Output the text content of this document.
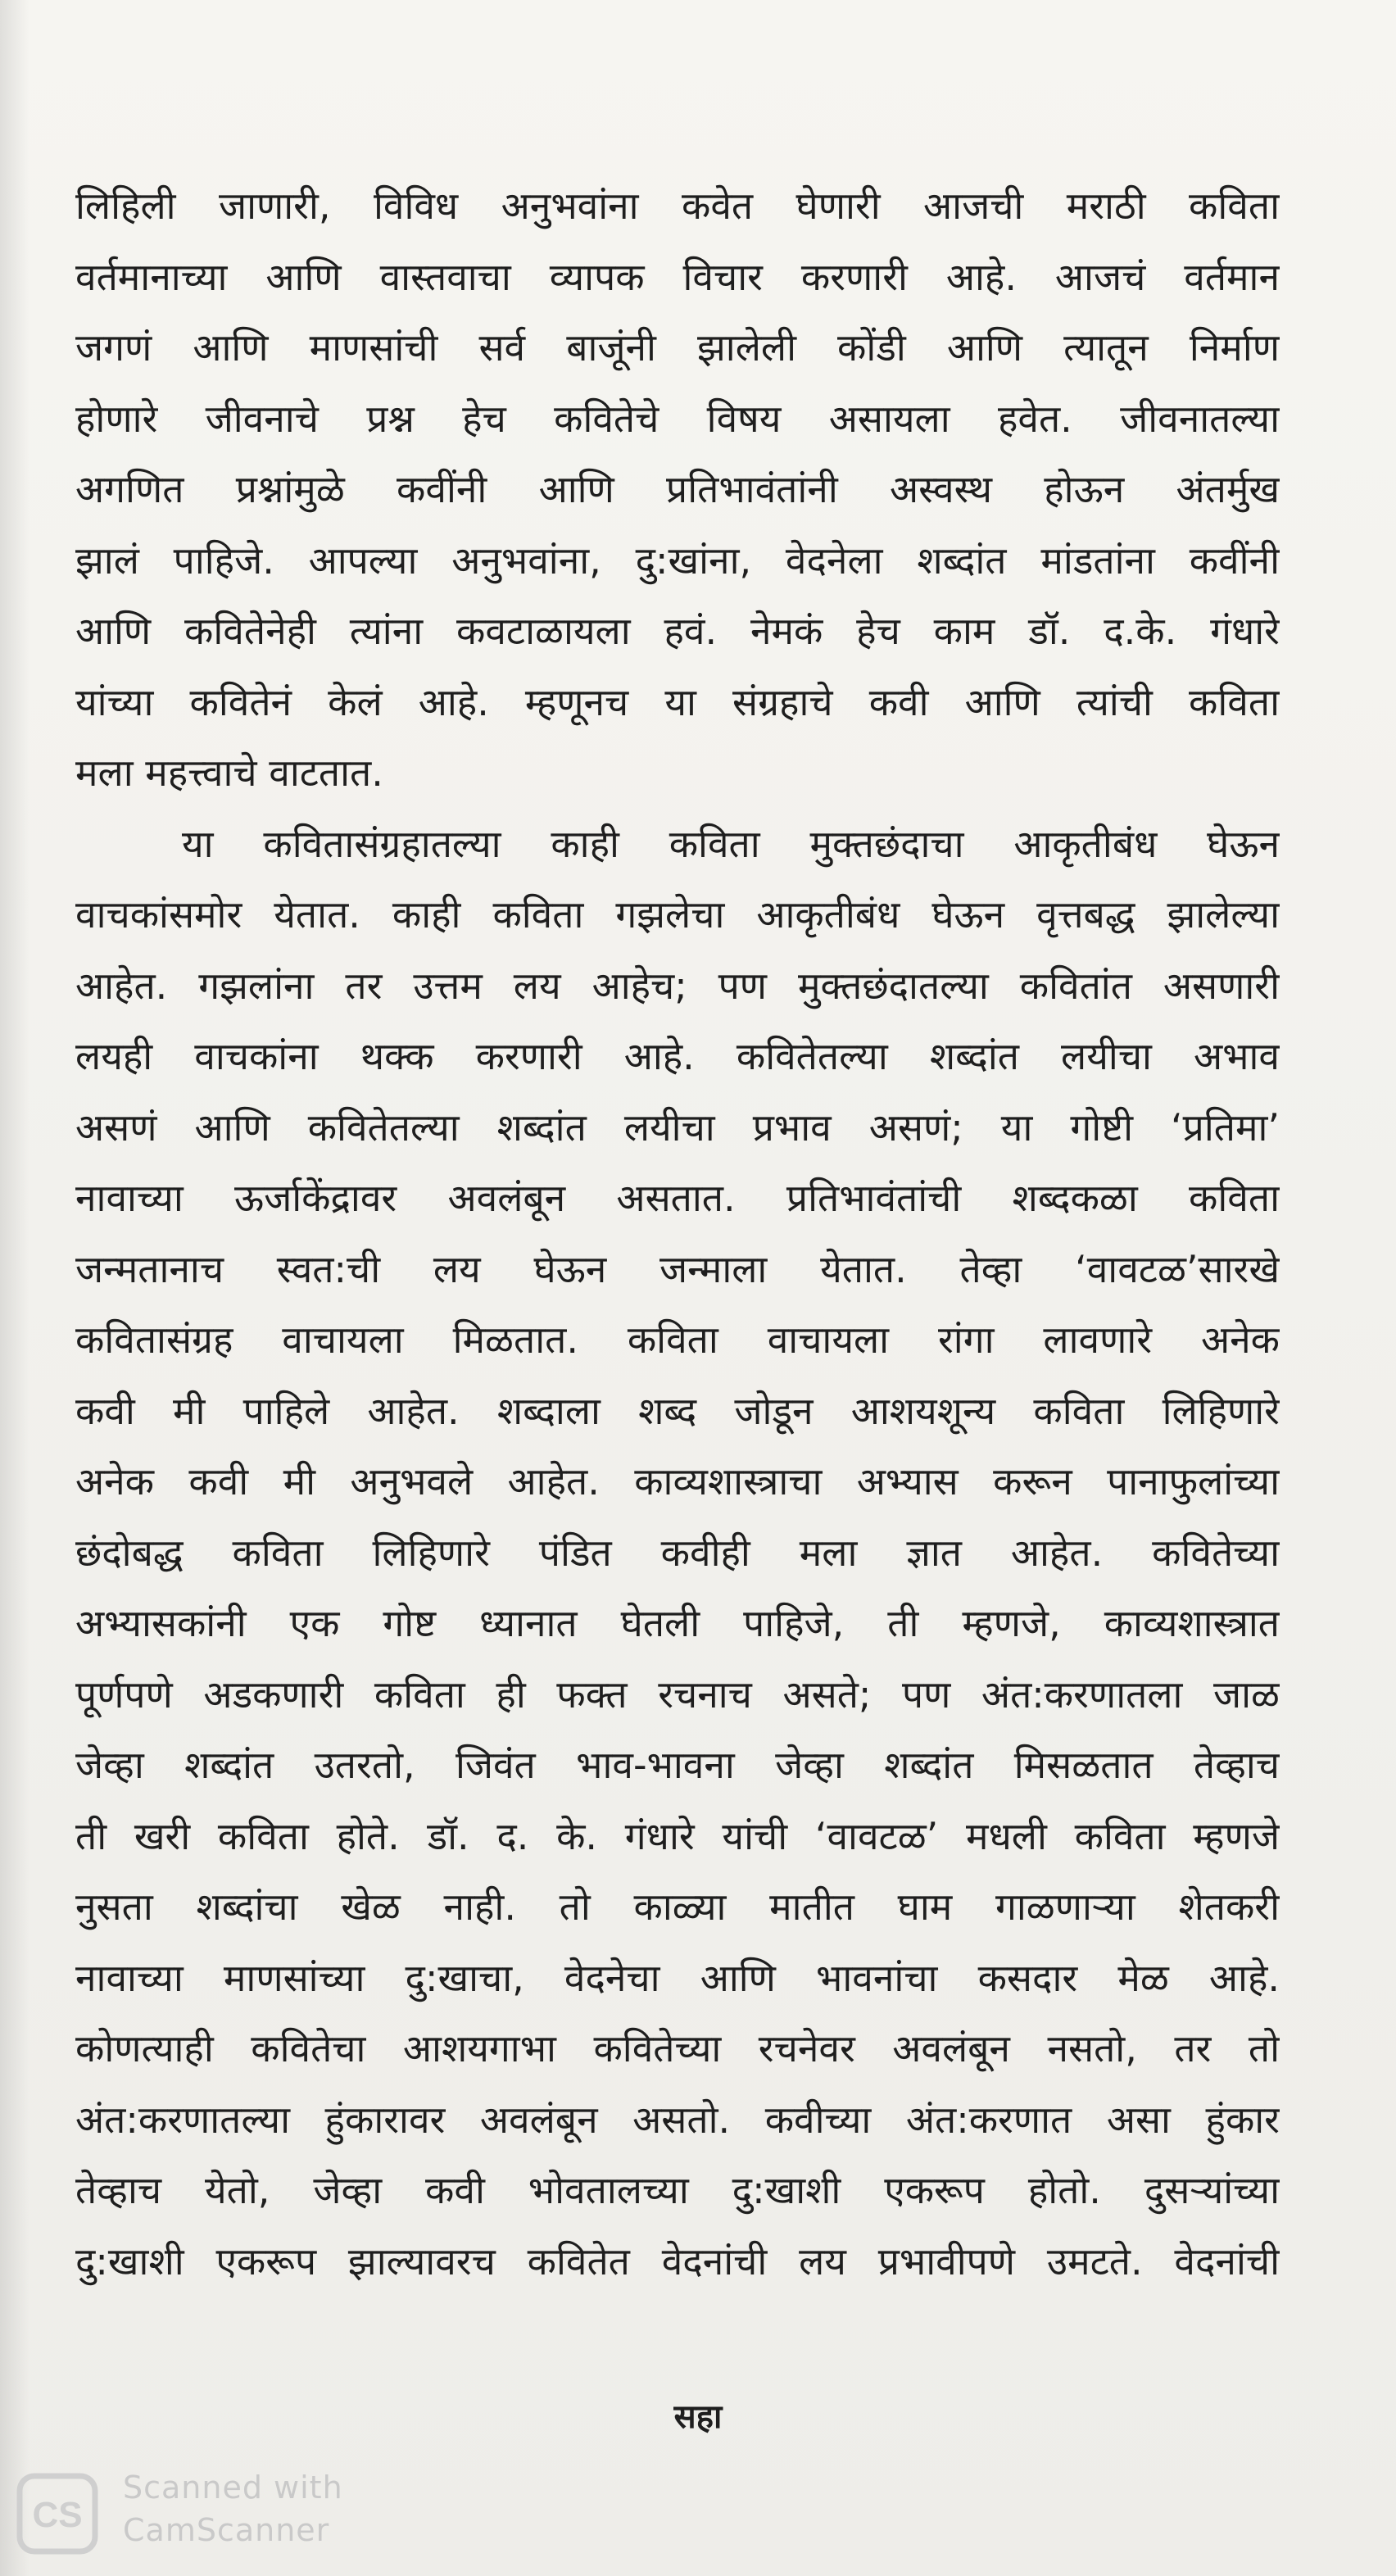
लिहिली जाणारी, विविध अनुभवांना कवेत घेणारी आजची मराठी कविता
वर्तमानाच्या आणि वास्तवाचा व्यापक विचार करणारी आहे. आजचं वर्तमान
जगणं आणि माणसांची सर्व बाजूंनी झालेली कोंडी आणि त्यातून निर्माण
होणारे जीवनाचे प्रश्न हेच कवितेचे विषय असायला हवेत. जीवनातल्या
अगणित प्रश्नांमुळे कवींनी आणि प्रतिभावंतांनी अस्वस्थ होऊन अंतर्मुख
झालं पाहिजे. आपल्या अनुभवांना, दु:खांना, वेदनेला शब्दांत मांडतांना कवींनी
आणि कवितेनेही त्यांना कवटाळायला हवं. नेमकं हेच काम डॉ. द.के. गंधारे
यांच्या कवितेनं केलं आहे. म्हणूनच या संग्रहाचे कवी आणि त्यांची कविता
मला महत्त्वाचे वाटतात.
या कवितासंग्रहातल्या काही कविता मुक्तछंदाचा आकृतीबंध घेऊन
वाचकांसमोर येतात. काही कविता गझलेचा आकृतीबंध घेऊन वृत्तबद्ध झालेल्या
आहेत. गझलांना तर उत्तम लय आहेच; पण मुक्तछंदातल्या कवितांत असणारी
लयही वाचकांना थक्क करणारी आहे. कवितेतल्या शब्दांत लयीचा अभाव
असणं आणि कवितेतल्या शब्दांत लयीचा प्रभाव असणं; या गोष्टी ‘प्रतिमा’
नावाच्या ऊर्जाकेंद्रावर अवलंबून असतात. प्रतिभावंतांची शब्दकळा कविता
जन्मतानाच स्वत:ची लय घेऊन जन्माला येतात. तेव्हा ‘वावटळ’सारखे
कवितासंग्रह वाचायला मिळतात. कविता वाचायला रांगा लावणारे अनेक
कवी मी पाहिले आहेत. शब्दाला शब्द जोडून आशयशून्य कविता लिहिणारे
अनेक कवी मी अनुभवले आहेत. काव्यशास्त्राचा अभ्यास करून पानाफुलांच्या
छंदोबद्ध कविता लिहिणारे पंडित कवीही मला ज्ञात आहेत. कवितेच्या
अभ्यासकांनी एक गोष्ट ध्यानात घेतली पाहिजे, ती म्हणजे, काव्यशास्त्रात
पूर्णपणे अडकणारी कविता ही फक्त रचनाच असते; पण अंत:करणातला जाळ
जेव्हा शब्दांत उतरतो, जिवंत भाव-भावना जेव्हा शब्दांत मिसळतात तेव्हाच
ती खरी कविता होते. डॉ. द. के. गंधारे यांची ‘वावटळ’ मधली कविता म्हणजे
नुसता शब्दांचा खेळ नाही. तो काळ्या मातीत घाम गाळणाऱ्या शेतकरी
नावाच्या माणसांच्या दु:खाचा, वेदनेचा आणि भावनांचा कसदार मेळ आहे.
कोणत्याही कवितेचा आशयगाभा कवितेच्या रचनेवर अवलंबून नसतो, तर तो
अंत:करणातल्या हुंकारावर अवलंबून असतो. कवीच्या अंत:करणात असा हुंकार
तेव्हाच येतो, जेव्हा कवी भोवतालच्या दु:खाशी एकरूप होतो. दुसऱ्यांच्या
दु:खाशी एकरूप झाल्यावरच कवितेत वेदनांची लय प्रभावीपणे उमटते. वेदनांची
सहा
CS
Scanned with
CamScanner
